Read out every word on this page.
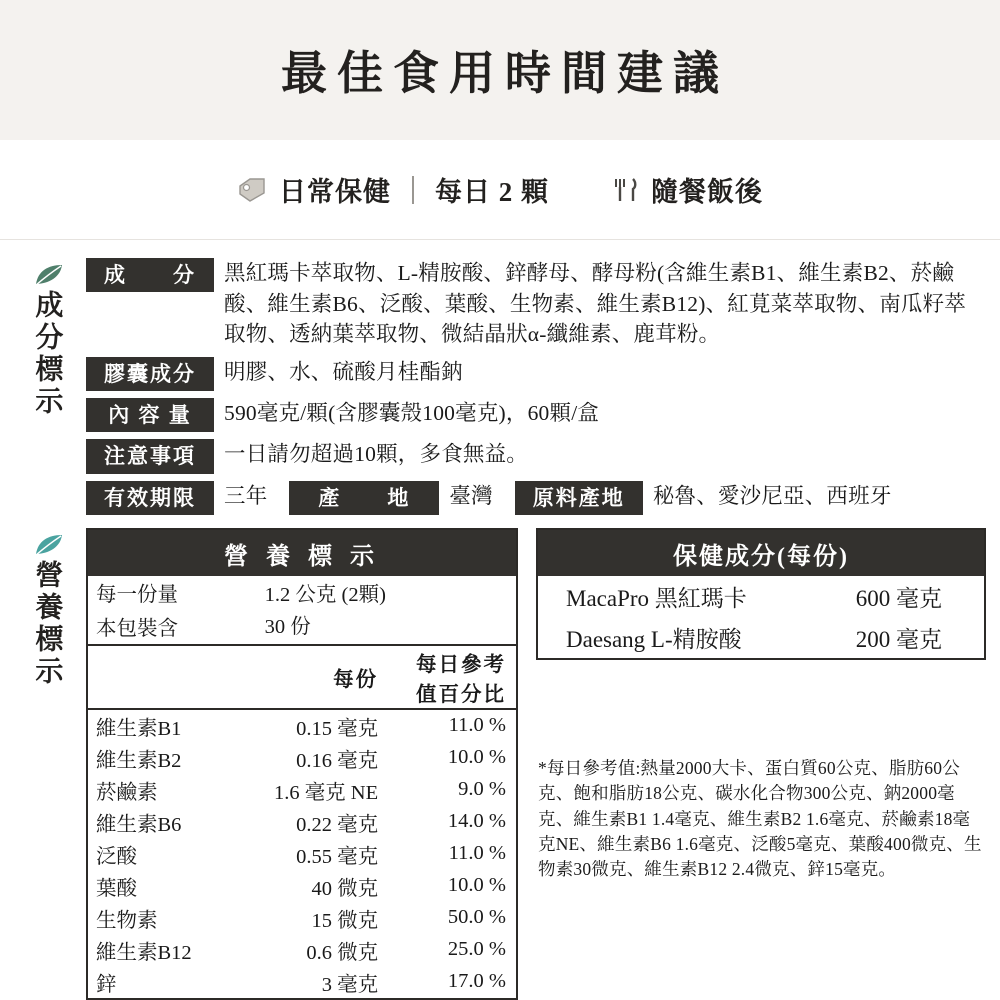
最佳食用時間建議
日常保健 每日 2 顆	隨餐飯後
成分標示
成　　分	黑紅瑪卡萃取物、L-精胺酸、鋅酵母、酵母粉(含維生素B1、維生素B2、菸鹼酸、維生素B6、泛酸、葉酸、生物素、維生素B12)、紅莧菜萃取物、南瓜籽萃取物、透納葉萃取物、微結晶狀α-纖維素、鹿茸粉。
膠囊成分	明膠、水、硫酸月桂酯鈉
內 容 量	590毫克/顆(含膠囊殼100毫克)，60顆/盒
注意事項	一日請勿超過10顆，多食無益。
有效期限	三年	產　　地	臺灣	原料產地	秘魯、愛沙尼亞、西班牙
營養標示
營 養 標 示
每一份量	1.2 公克 (2顆)	
本包裝含	30 份	
	每份	每日參考值百分比
維生素B1	0.15 毫克	11.0 %
維生素B2	0.16 毫克	10.0 %
菸鹼素	1.6 毫克 NE	9.0 %
維生素B6	0.22 毫克	14.0 %
泛酸	0.55 毫克	11.0 %
葉酸	40 微克	10.0 %
生物素	15 微克	50.0 %
維生素B12	0.6 微克	25.0 %
鋅	3 毫克	17.0 %
保健成分(每份)
MacaPro 黑紅瑪卡	600 毫克
Daesang L-精胺酸	200 毫克
*每日參考值:熱量2000大卡、蛋白質60公克、脂肪60公克、飽和脂肪18公克、碳水化合物300公克、鈉2000毫克、維生素B1 1.4毫克、維生素B2 1.6毫克、菸鹼素18毫克NE、維生素B6 1.6毫克、泛酸5毫克、葉酸400微克、生物素30微克、維生素B12 2.4微克、鋅15毫克。
